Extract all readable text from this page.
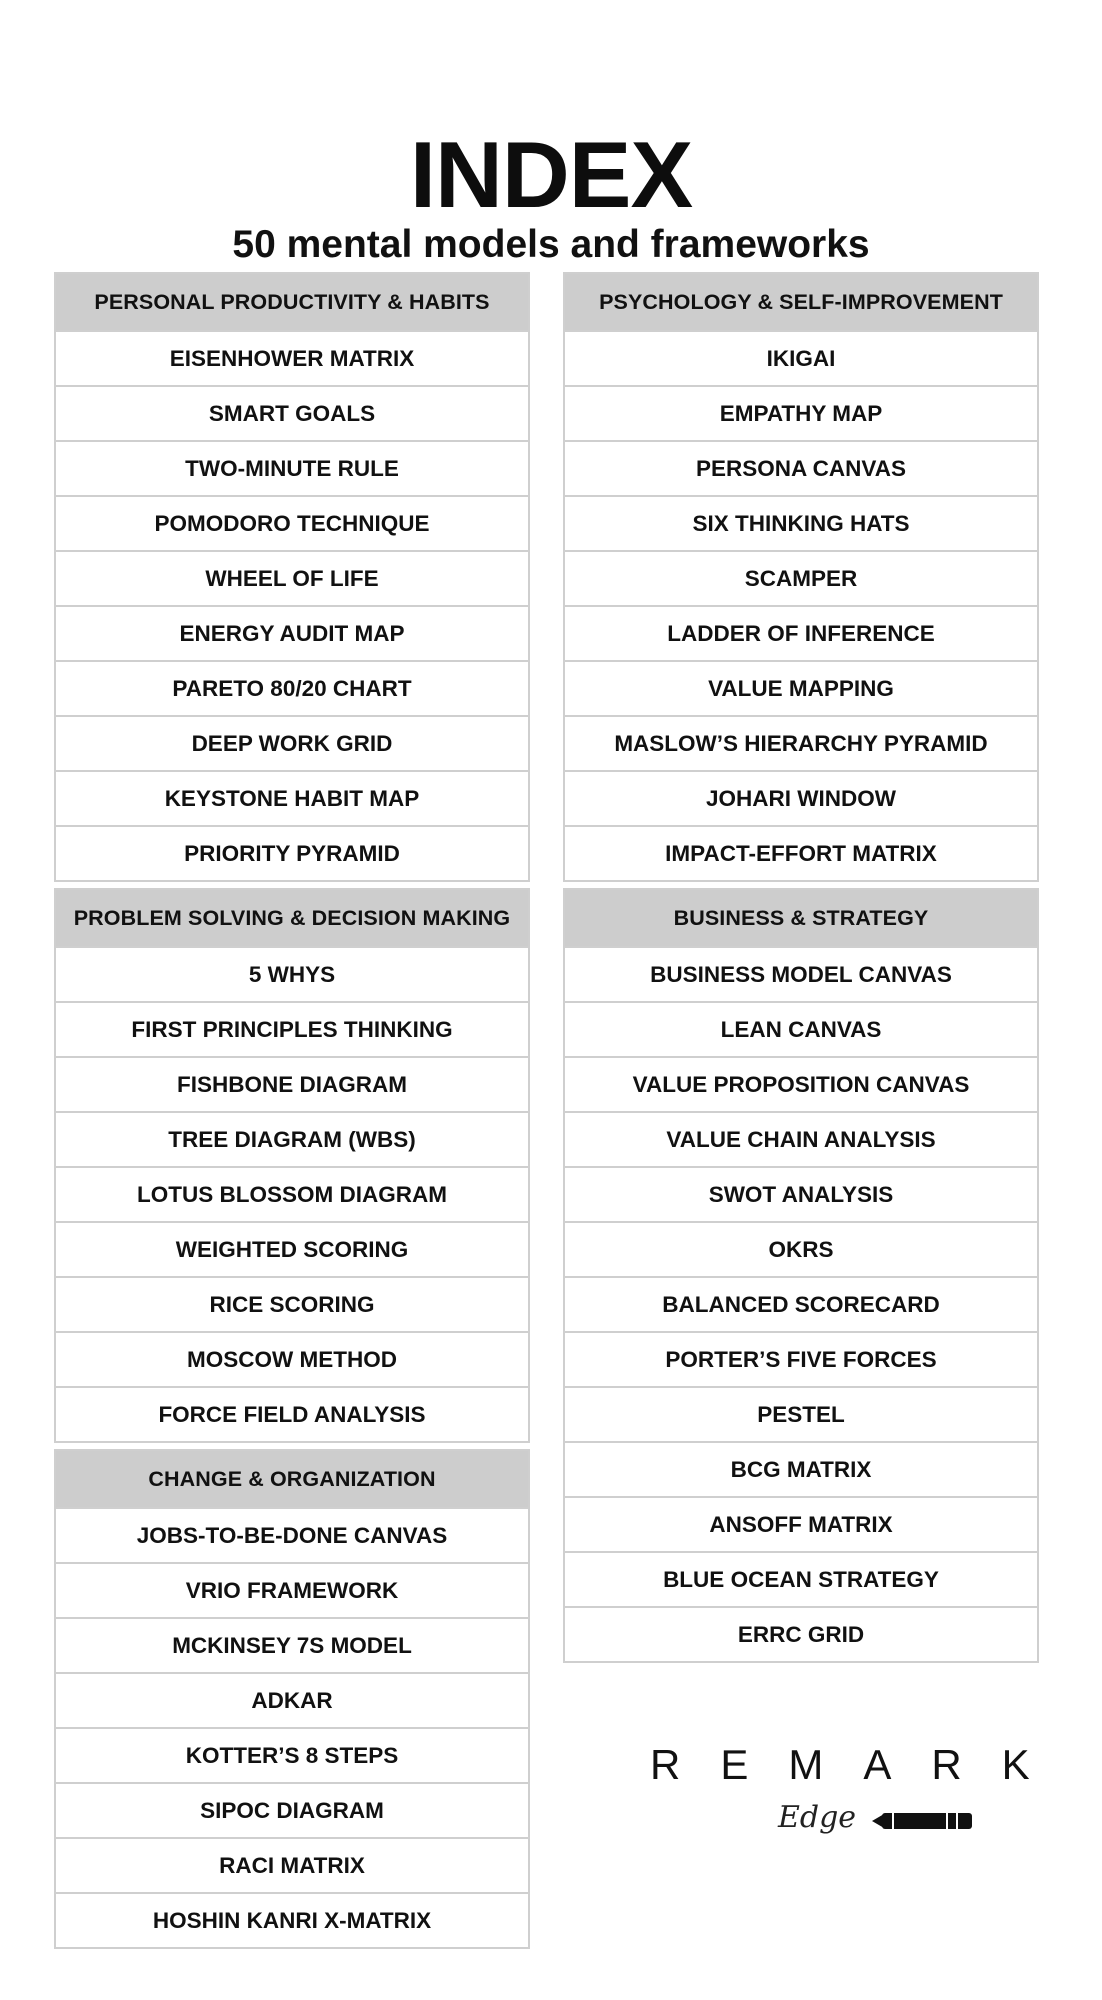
INDEX
50 mental models and frameworks
PERSONAL PRODUCTIVITY & HABITS
EISENHOWER MATRIX
SMART GOALS
TWO-MINUTE RULE
POMODORO TECHNIQUE
WHEEL OF LIFE
ENERGY AUDIT MAP
PARETO 80/20 CHART
DEEP WORK GRID
KEYSTONE HABIT MAP
PRIORITY PYRAMID
PSYCHOLOGY & SELF-IMPROVEMENT
IKIGAI
EMPATHY MAP
PERSONA CANVAS
SIX THINKING HATS
SCAMPER
LADDER OF INFERENCE
VALUE MAPPING
MASLOW’S HIERARCHY PYRAMID
JOHARI WINDOW
IMPACT-EFFORT MATRIX
PROBLEM SOLVING & DECISION MAKING
5 WHYS
FIRST PRINCIPLES THINKING
FISHBONE DIAGRAM
TREE DIAGRAM (WBS)
LOTUS BLOSSOM DIAGRAM
WEIGHTED SCORING
RICE SCORING
MOSCOW METHOD
FORCE FIELD ANALYSIS
BUSINESS & STRATEGY
BUSINESS MODEL CANVAS
LEAN CANVAS
VALUE PROPOSITION CANVAS
VALUE CHAIN ANALYSIS
SWOT ANALYSIS
OKRS
BALANCED SCORECARD
PORTER’S FIVE FORCES
PESTEL
BCG MATRIX
ANSOFF MATRIX
BLUE OCEAN STRATEGY
ERRC GRID
CHANGE & ORGANIZATION
JOBS-TO-BE-DONE CANVAS
VRIO FRAMEWORK
MCKINSEY 7S MODEL
ADKAR
KOTTER’S 8 STEPS
SIPOC DIAGRAM
RACI MATRIX
HOSHIN KANRI X-MATRIX
REMARK
Edge
